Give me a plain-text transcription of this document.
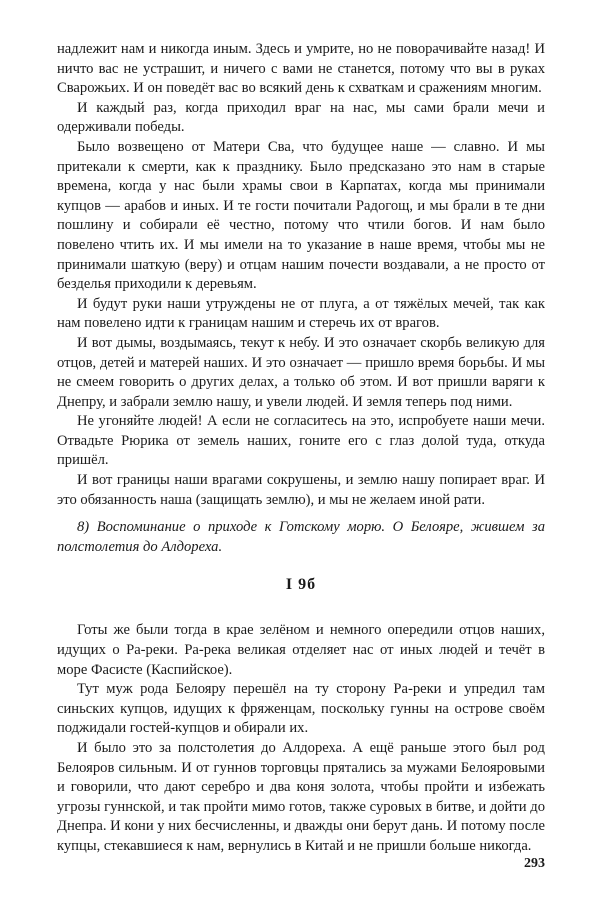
надлежит нам и никогда иным. Здесь и умрите, но не поворачивайте назад! И ничто вас не устрашит, и ничего с вами не станется, потому что вы в руках Сварожьих. И он поведёт вас во всякий день к схваткам и сражениям многим.

И каждый раз, когда приходил враг на нас, мы сами брали мечи и одерживали победы.

Было возвещено от Матери Сва, что будущее наше — славно. И мы притекали к смерти, как к празднику. Было предсказано это нам в старые времена, когда у нас были храмы свои в Карпатах, когда мы принимали купцов — арабов и иных. И те гости почитали Радогощ, и мы брали в те дни пошлину и собирали её честно, потому что чтили богов. И нам было повелено чтить их. И мы имели на то указание в наше время, чтобы мы не принимали шаткую (веру) и отцам нашим почести воздавали, а не просто от безделья приходили к деревьям.

И будут руки наши утруждены не от плуга, а от тяжёлых мечей, так как нам повелено идти к границам нашим и стеречь их от врагов.

И вот дымы, воздымаясь, текут к небу. И это означает скорбь великую для отцов, детей и матерей наших. И это означает — пришло время борьбы. И мы не смеем говорить о других делах, а только об этом. И вот пришли варяги к Днепру, и забрали землю нашу, и увели людей. И земля теперь под ними.

Не угоняйте людей! А если не согласитесь на это, испробуете наши мечи. Отвадьте Рюрика от земель наших, гоните его с глаз долой туда, откуда пришёл.

И вот границы наши врагами сокрушены, и землю нашу попирает враг. И это обязанность наша (защищать землю), и мы не желаем иной рати.

8) Воспоминание о приходе к Готскому морю. О Белояре, жившем за полстолетия до Алдореха.

I 9б

Готы же были тогда в крае зелёном и немного опередили отцов наших, идущих о Ра-реки. Ра-река великая отделяет нас от иных людей и течёт в море Фасисте (Каспийское).

Тут муж рода Белояру перешёл на ту сторону Ра-реки и упредил там синьских купцов, идущих к фряженцам, поскольку гунны на острове своём поджидали гостей-купцов и обирали их.

И было это за полстолетия до Алдореха. А ещё раньше этого был род Белояров сильным. И от гуннов торговцы прятались за мужами Белояровыми и говорили, что дают серебро и два коня золота, чтобы пройти и избежать угрозы гуннской, и так пройти мимо готов, также суровых в битве, и дойти до Днепра. И кони у них бесчисленны, и дважды они берут дань. И потому после купцы, стекавшиеся к нам, вернулись в Китай и не пришли больше никогда.

293
